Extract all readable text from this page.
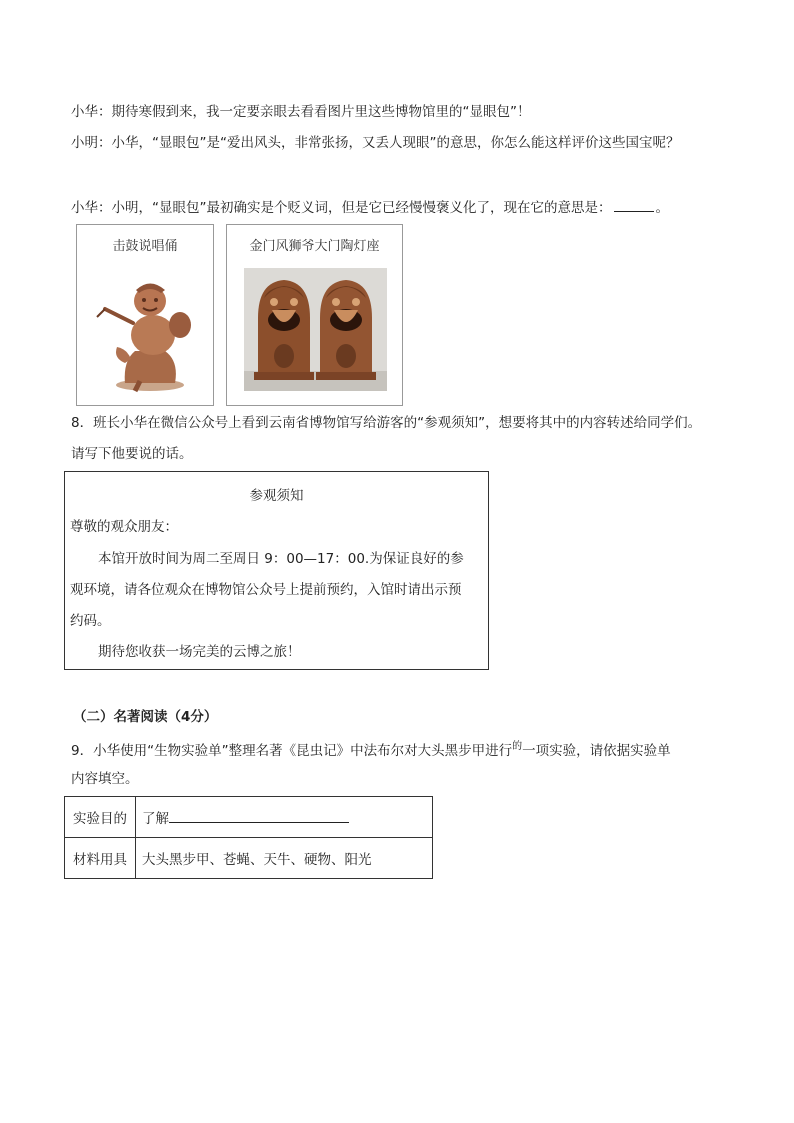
小华：期待寒假到来，我一定要亲眼去看看图片里这些博物馆里的“显眼包”！
小明：小华，“显眼包”是“爱出风头，非常张扬，又丢人现眼”的意思，你怎么能这样评价这些国宝呢？
小华：小明，“显眼包”最初确实是个贬义词，但是它已经慢慢褒义化了，现在它的意思是：	。
击鼓说唱俑	金门风狮爷大门陶灯座
8．班长小华在微信公众号上看到云南省博物馆写给游客的“参观须知”，想要将其中的内容转述给同学们。
请写下他要说的话。
参观须知
尊敬的观众朋友：
本馆开放时间为周二至周日 9：00—17：00.为保证良好的参
观环境，请各位观众在博物馆公众号上提前预约，入馆时请出示预
约码。
期待您收获一场完美的云博之旅！
（二）名著阅读（4分）
9．小华使用“生物实验单”整理名著《昆虫记》中法布尔对大头黑步甲进行$^的$一项实验，请依据实验单
内容填空。
实验目的	了解
材料用具	大头黑步甲、苍蝇、天牛、硬物、阳光
